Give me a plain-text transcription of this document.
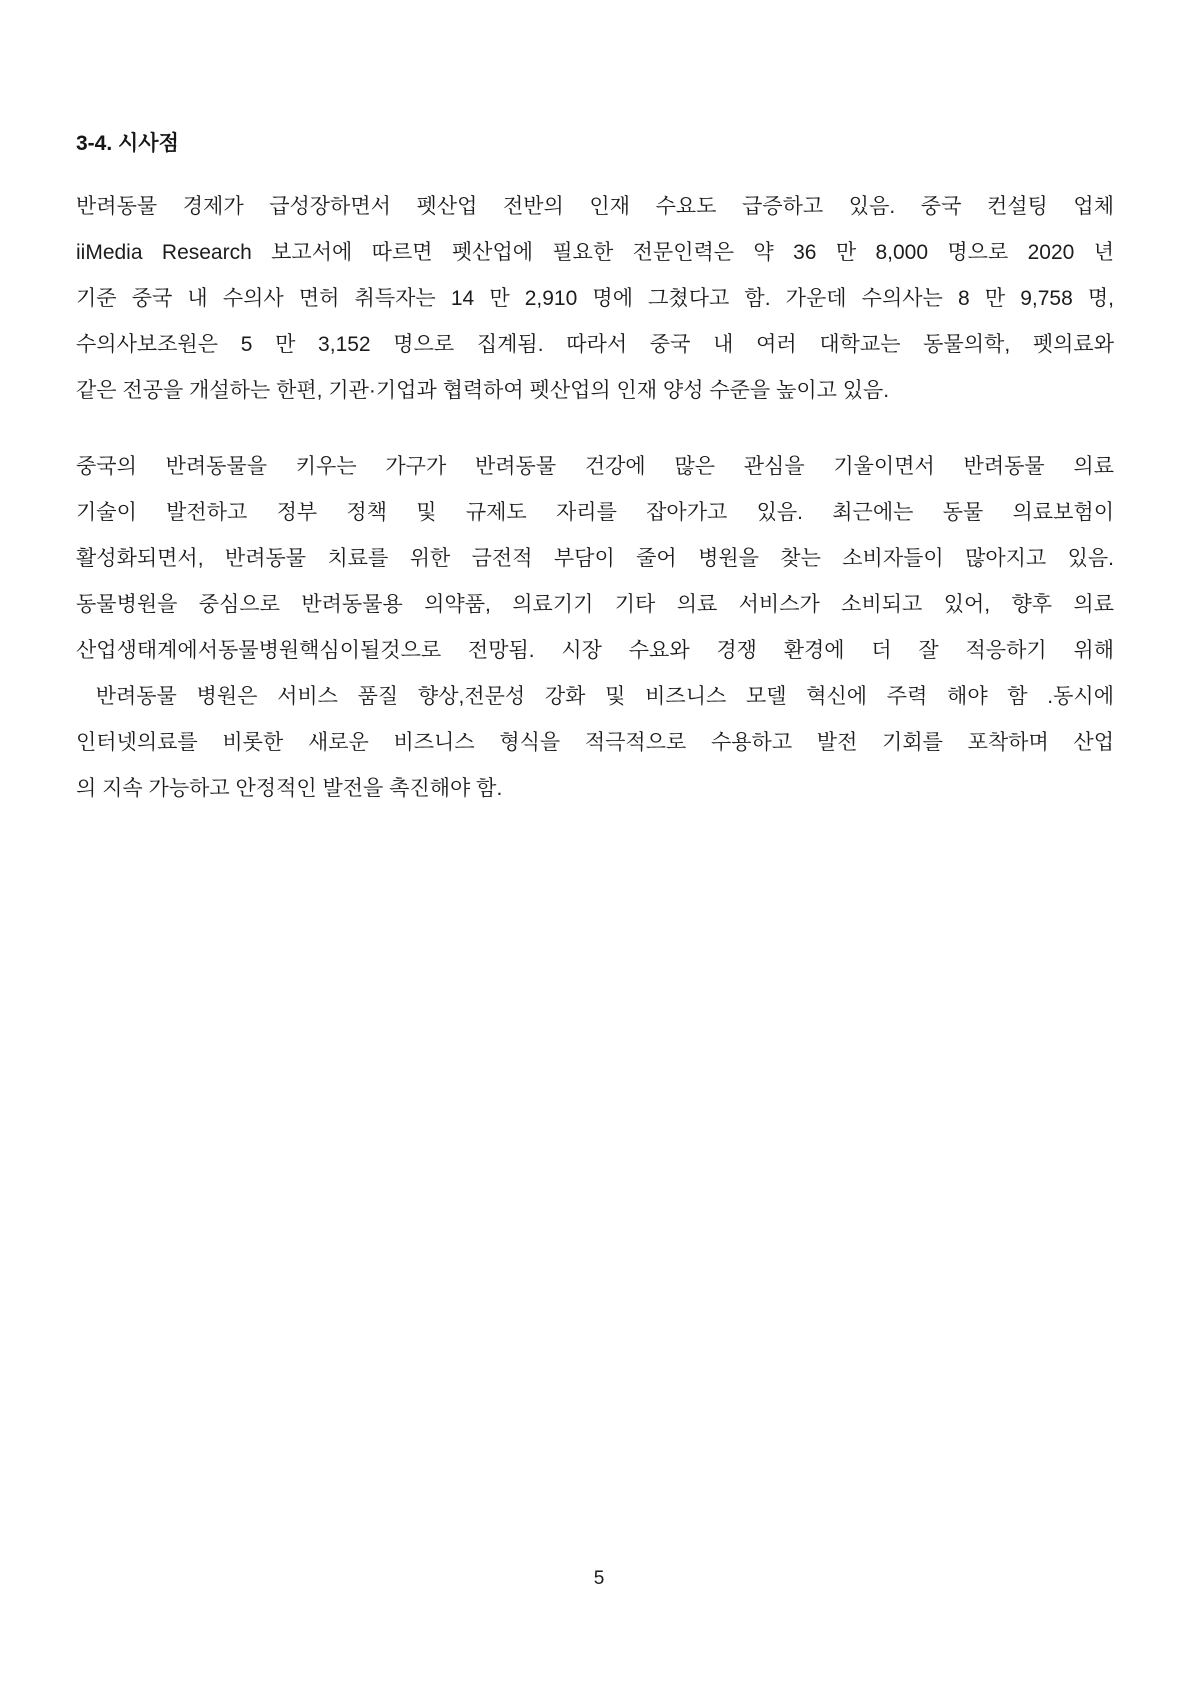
3-4. 시사점
반려동물 경제가 급성장하면서 펫산업 전반의 인재 수요도 급증하고 있음. 중국 컨설팅 업체
iiMedia Research 보고서에 따르면 펫산업에 필요한 전문인력은 약 36 만 8,000 명으로 2020 년
기준 중국 내 수의사 면허 취득자는 14 만 2,910 명에 그쳤다고 함. 가운데 수의사는 8 만 9,758 명,
수의사보조원은 5 만 3,152 명으로 집계됨. 따라서 중국 내 여러 대학교는 동물의학, 펫의료와
같은 전공을 개설하는 한편, 기관·기업과 협력하여 펫산업의 인재 양성 수준을 높이고 있음.
중국의 반려동물을 키우는 가구가 반려동물 건강에 많은 관심을 기울이면서 반려동물 의료
기술이 발전하고 정부 정책 및 규제도 자리를 잡아가고 있음. 최근에는 동물 의료보험이
활성화되면서, 반려동물 치료를 위한 금전적 부담이 줄어 병원을 찾는 소비자들이 많아지고 있음.
동물병원을 중심으로 반려동물용 의약품, 의료기기 기타 의료 서비스가 소비되고 있어, 향후 의료
산업생태계에서동물병원핵심이될것으로 전망됨. 시장 수요와 경쟁 환경에 더 잘 적응하기 위해
반려동물 병원은 서비스 품질 향상,전문성 강화 및 비즈니스 모델 혁신에 주력 해야 함 .동시에
인터넷의료를 비롯한 새로운 비즈니스 형식을 적극적으로 수용하고 발전 기회를 포착하며 산업
의 지속 가능하고 안정적인 발전을 촉진해야 함.
5
